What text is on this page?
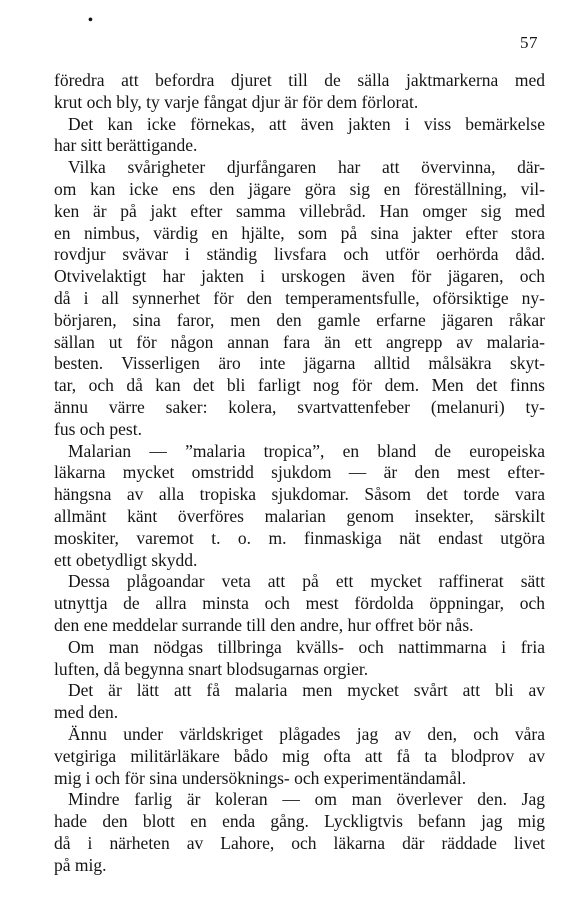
•
57

föredra att befordra djuret till de sälla jaktmarkerna med
krut och bly, ty varje fångat djur är för dem förlorat.

Det kan icke förnekas, att även jakten i viss bemärkelse
har sitt berättigande.

Vilka svårigheter djurfångaren har att övervinna, där-
om kan icke ens den jägare göra sig en föreställning, vil-
ken är på jakt efter samma villebråd. Han omger sig med
en nimbus, värdig en hjälte, som på sina jakter efter stora
rovdjur svävar i ständig livsfara och utför oerhörda dåd.
Otvivelaktigt har jakten i urskogen även för jägaren, och
då i all synnerhet för den temperamentsfulle, oförsiktige ny-
börjaren, sina faror, men den gamle erfarne jägaren råkar
sällan ut för någon annan fara än ett angrepp av malaria-
besten. Visserligen äro inte jägarna alltid målsäkra skyt-
tar, och då kan det bli farligt nog för dem. Men det finns
ännu värre saker: kolera, svartvattenfeber (melanuri) ty-
fus och pest.

Malarian — ”malaria tropica”, en bland de europeiska
läkarna mycket omstridd sjukdom — är den mest efter-
hängsna av alla tropiska sjukdomar. Såsom det torde vara
allmänt känt överföres malarian genom insekter, särskilt
moskiter, varemot t. o. m. finmaskiga nät endast utgöra
ett obetydligt skydd.

Dessa plågoandar veta att på ett mycket raffinerat sätt
utnyttja de allra minsta och mest fördolda öppningar, och
den ene meddelar surrande till den andre, hur offret bör nås.

Om man nödgas tillbringa kvälls- och nattimmarna i fria
luften, då begynna snart blodsugarnas orgier.

Det är lätt att få malaria men mycket svårt att bli av
med den.

Ännu under världskriget plågades jag av den, och våra
vetgiriga militärläkare bådo mig ofta att få ta blodprov av
mig i och för sina undersöknings- och experimentändamål.

Mindre farlig är koleran — om man överlever den. Jag
hade den blott en enda gång. Lyckligtvis befann jag mig
då i närheten av Lahore, och läkarna där räddade livet
på mig.
